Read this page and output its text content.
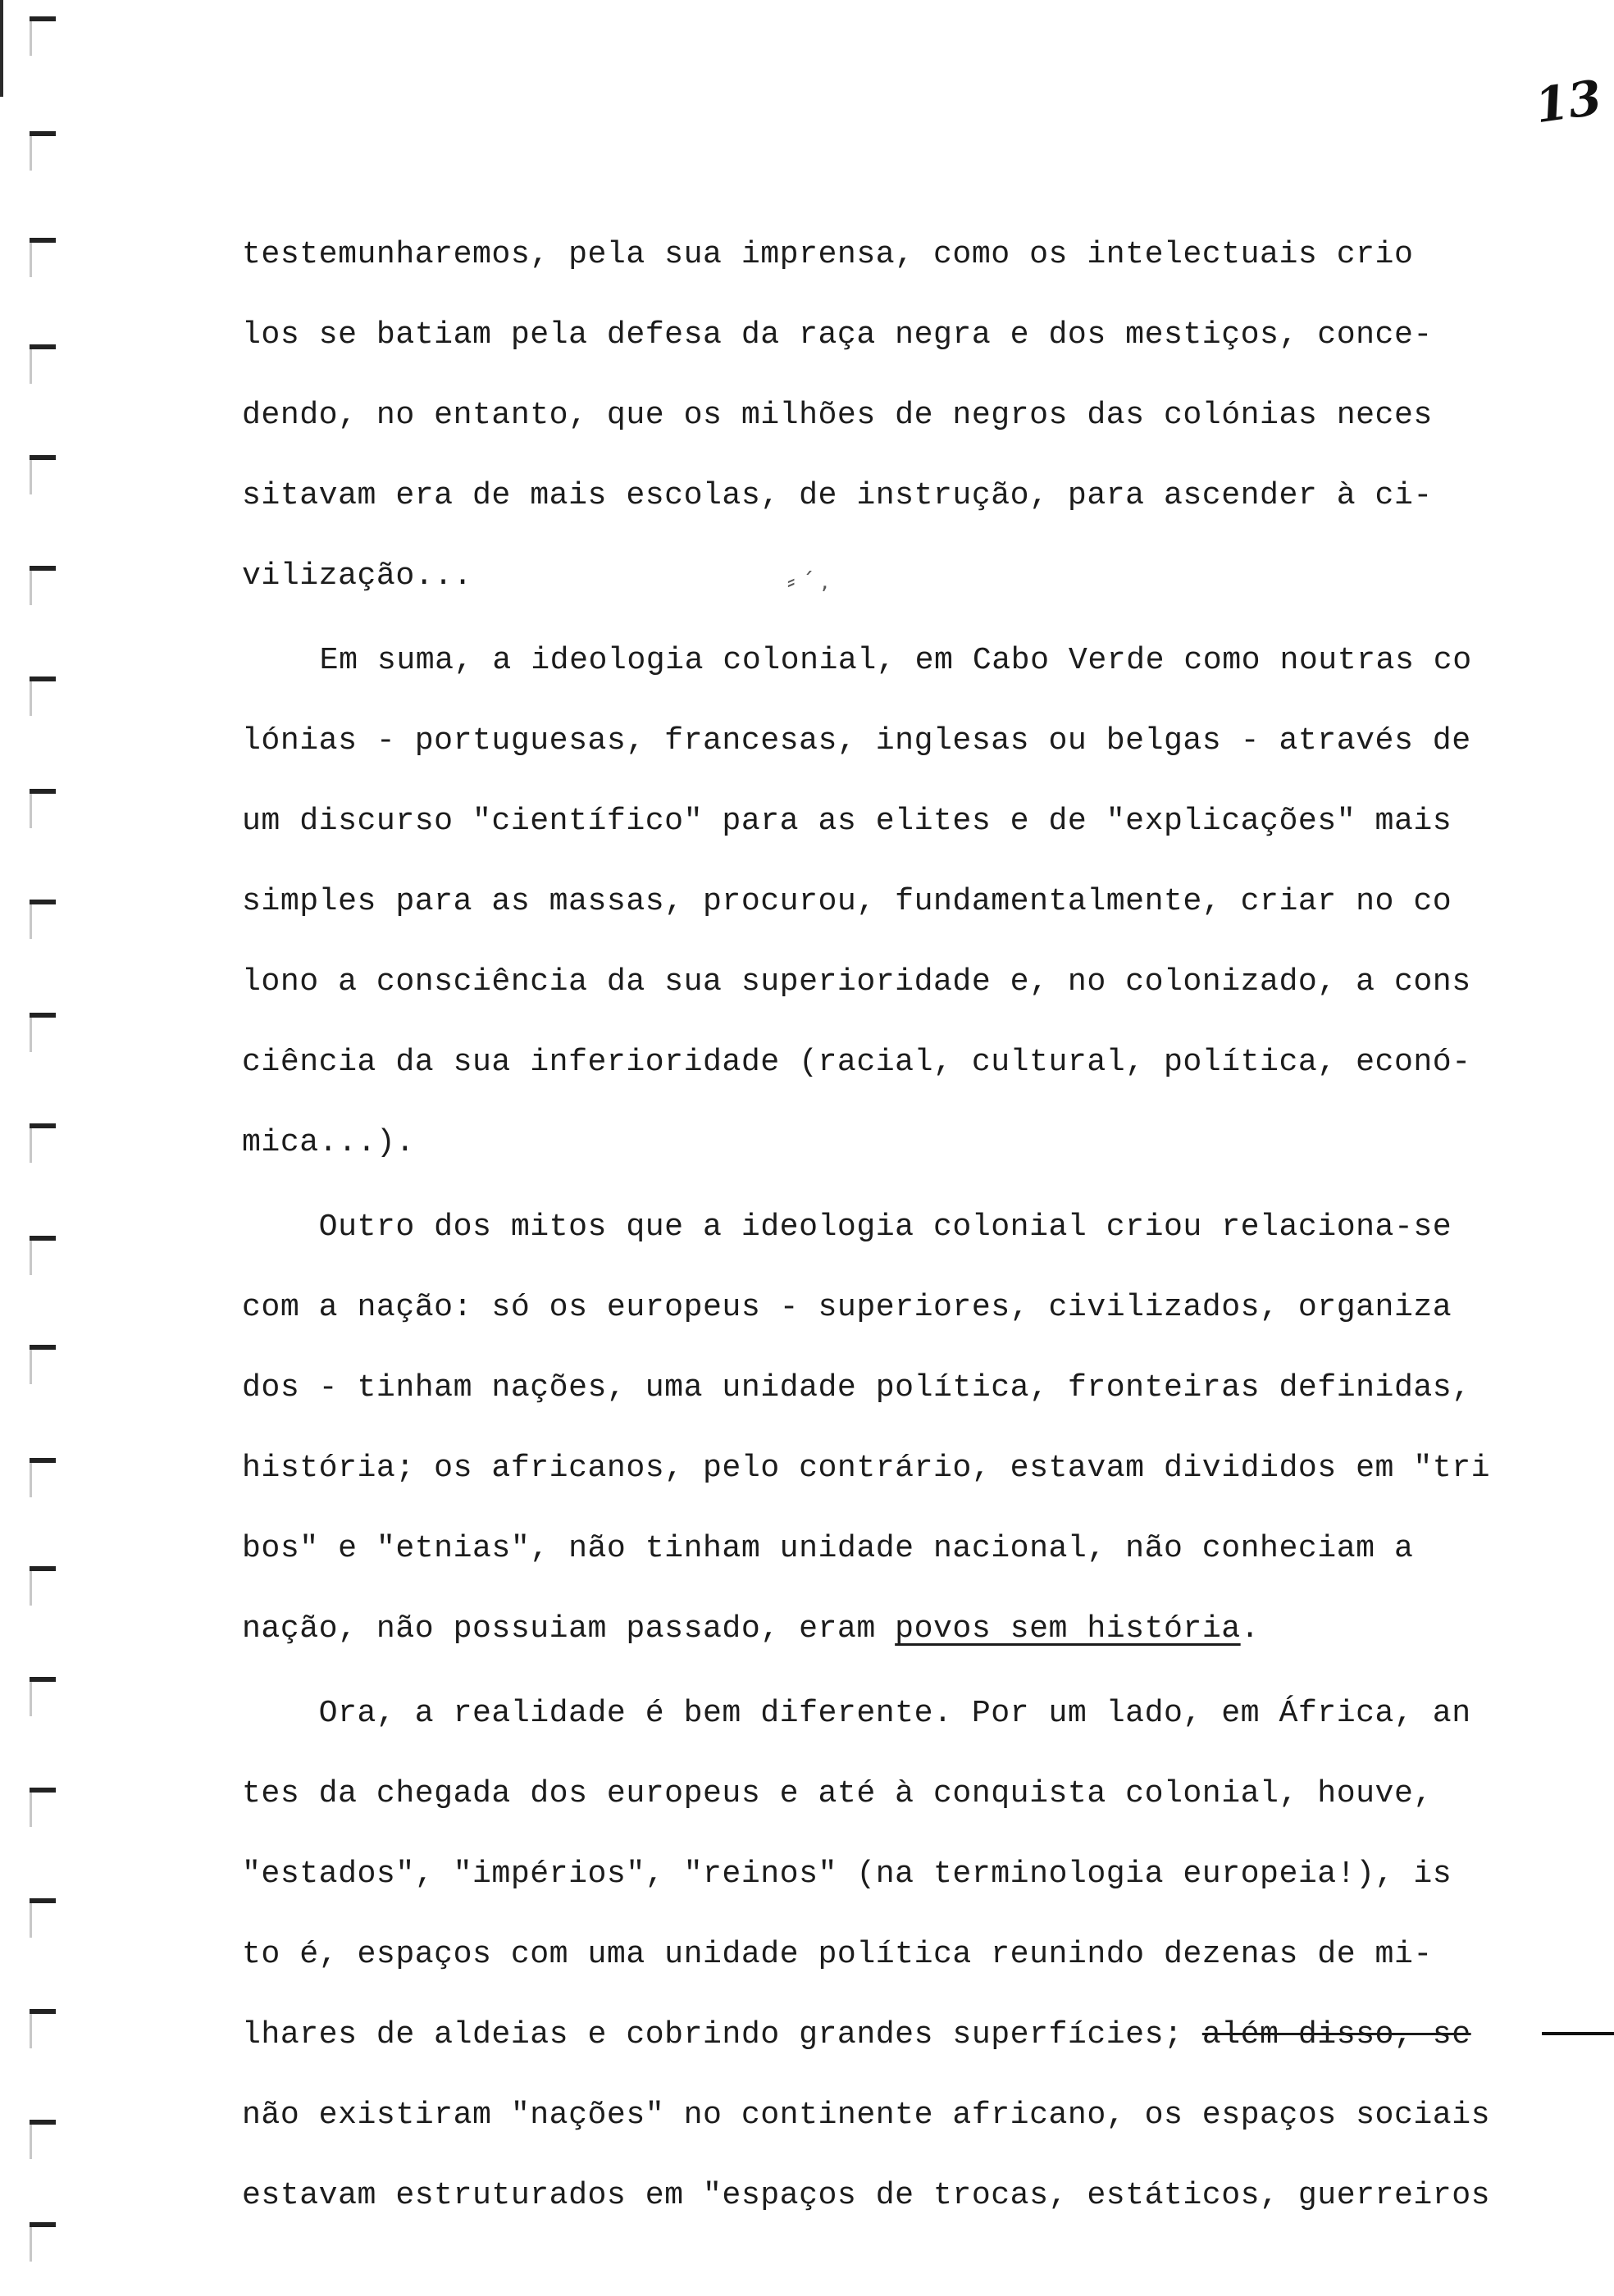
13
⸗ ˊ ,
testemunharemos, pela sua imprensa, como os intelectuais crio
los se batiam pela defesa da raça negra e dos mestiços, conce-
dendo, no entanto, que os milhões de negros das colónias neces
sitavam era de mais escolas, de instrução, para ascender à ci-
vilização...
Em suma, a ideologia colonial, em Cabo Verde como noutras co
lónias - portuguesas, francesas, inglesas ou belgas - através de
um discurso "científico" para as elites e de "explicações" mais
simples para as massas, procurou, fundamentalmente, criar no co
lono a consciência da sua superioridade e, no colonizado, a cons
ciência da sua inferioridade (racial, cultural, política, econó-
mica...).
Outro dos mitos que a ideologia colonial criou relaciona-se
com a nação: só os europeus - superiores, civilizados, organiza
dos - tinham nações, uma unidade política, fronteiras definidas,
história; os africanos, pelo contrário, estavam divididos em "tri
bos" e "etnias", não tinham unidade nacional, não conheciam a
nação, não possuiam passado, eram povos sem história.
Ora, a realidade é bem diferente. Por um lado, em África, an
tes da chegada dos europeus e até à conquista colonial, houve,
"estados", "impérios", "reinos" (na terminologia europeia!), is
to é, espaços com uma unidade política reunindo dezenas de mi-
lhares de aldeias e cobrindo grandes superfícies; além disso, se
não existiram "nações" no continente africano, os espaços sociais
estavam estruturados em "espaços de trocas, estáticos, guerreiros
